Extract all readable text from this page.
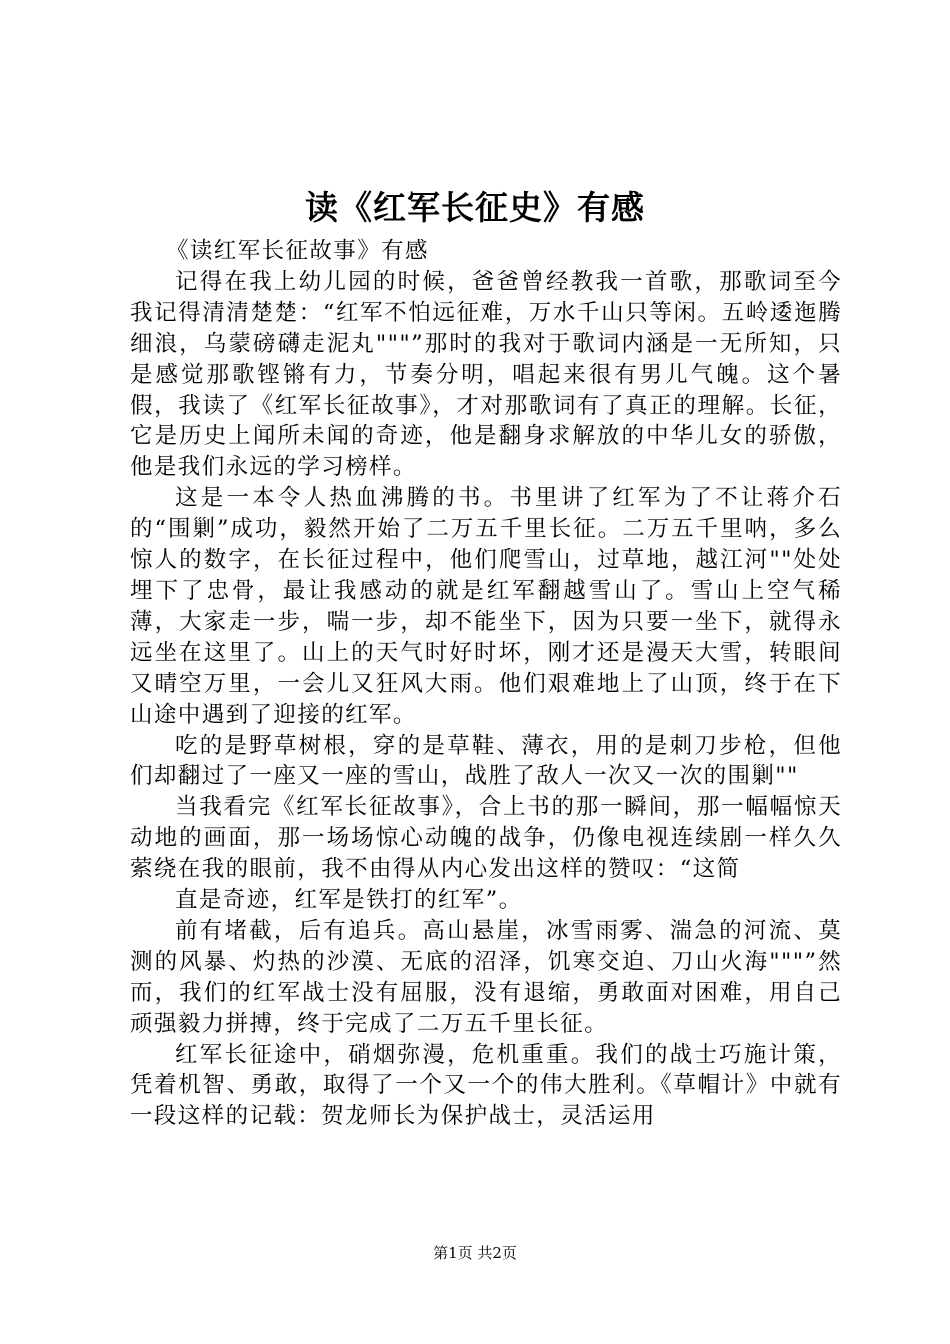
读《红军长征史》有感

《读红军长征故事》有感

记得在我上幼儿园的时候，爸爸曾经教我一首歌，那歌词至今我记得清清楚楚：“红军不怕远征难，万水千山只等闲。五岭逶迤腾细浪，乌蒙磅礴走泥丸"""”那时的我对于歌词内涵是一无所知，只是感觉那歌铿锵有力，节奏分明，唱起来很有男儿气魄。这个暑假，我读了《红军长征故事》，才对那歌词有了真正的理解。长征，它是历史上闻所未闻的奇迹，他是翻身求解放的中华儿女的骄傲，他是我们永远的学习榜样。

这是一本令人热血沸腾的书。书里讲了红军为了不让蒋介石的“围剿”成功，毅然开始了二万五千里长征。二万五千里呐，多么惊人的数字，在长征过程中，他们爬雪山，过草地，越江河""处处埋下了忠骨，最让我感动的就是红军翻越雪山了。雪山上空气稀薄，大家走一步，喘一步，却不能坐下，因为只要一坐下，就得永远坐在这里了。山上的天气时好时坏，刚才还是漫天大雪，转眼间又晴空万里，一会儿又狂风大雨。他们艰难地上了山顶，终于在下山途中遇到了迎接的红军。

吃的是野草树根，穿的是草鞋、薄衣，用的是刺刀步枪，但他们却翻过了一座又一座的雪山，战胜了敌人一次又一次的围剿""

当我看完《红军长征故事》，合上书的那一瞬间，那一幅幅惊天动地的画面，那一场场惊心动魄的战争，仍像电视连续剧一样久久萦绕在我的眼前，我不由得从内心发出这样的赞叹：“这简

直是奇迹，红军是铁打的红军”。

前有堵截，后有追兵。高山悬崖，冰雪雨雾、湍急的河流、莫测的风暴、灼热的沙漠、无底的沼泽，饥寒交迫、刀山火海"""”然而，我们的红军战士没有屈服，没有退缩，勇敢面对困难，用自己顽强毅力拼搏，终于完成了二万五千里长征。

红军长征途中，硝烟弥漫，危机重重。我们的战士巧施计策，凭着机智、勇敢，取得了一个又一个的伟大胜利。《草帽计》中就有一段这样的记载：贺龙师长为保护战士，灵活运用

第1页 共2页
